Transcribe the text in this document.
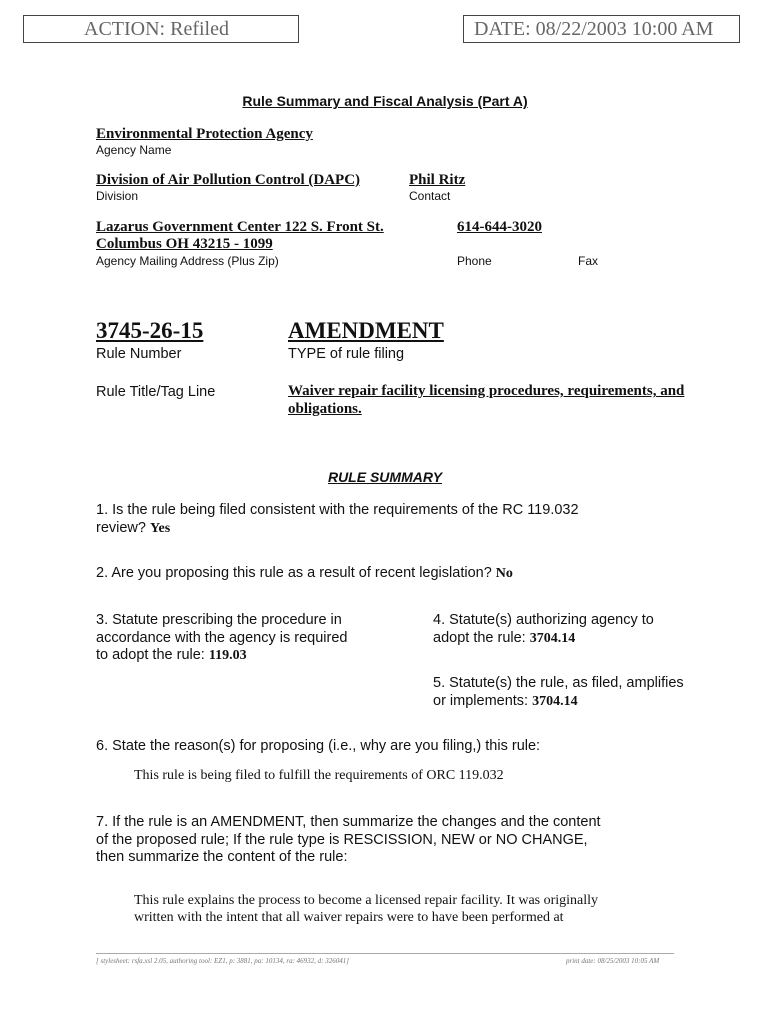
ACTION: Refiled	DATE: 08/22/2003 10:00 AM
Rule Summary and Fiscal Analysis (Part A)
Environmental Protection Agency
Agency Name
Division of Air Pollution Control (DAPC)
Division
Phil Ritz
Contact
Lazarus Government Center 122 S. Front St.
Columbus OH 43215 - 1099
Agency Mailing Address (Plus Zip)
614-644-3020
Phone	Fax
3745-26-15
Rule Number
AMENDMENT
TYPE of rule filing
Rule Title/Tag Line	Waiver repair facility licensing procedures, requirements, and
obligations.
RULE SUMMARY
1. Is the rule being filed consistent with the requirements of the RC 119.032
review? Yes
2. Are you proposing this rule as a result of recent legislation? No
3. Statute prescribing the procedure in
accordance with the agency is required
to adopt the rule: 119.03
4. Statute(s) authorizing agency to
adopt the rule: 3704.14
5. Statute(s) the rule, as filed, amplifies
or implements: 3704.14
6. State the reason(s) for proposing (i.e., why are you filing,) this rule:
This rule is being filed to fulfill the requirements of ORC 119.032
7. If the rule is an AMENDMENT, then summarize the changes and the content
of the proposed rule; If the rule type is RESCISSION, NEW or NO CHANGE,
then summarize the content of the rule:
This rule explains the process to become a licensed repair facility. It was originally
written with the intent that all waiver repairs were to have been performed at
[ stylesheet: rsfa.xsl 2.05, authoring tool: EZ1, p: 3881, pa: 10134, ra: 46932, d: 326041]	print date: 08/25/2003 10:05 AM
